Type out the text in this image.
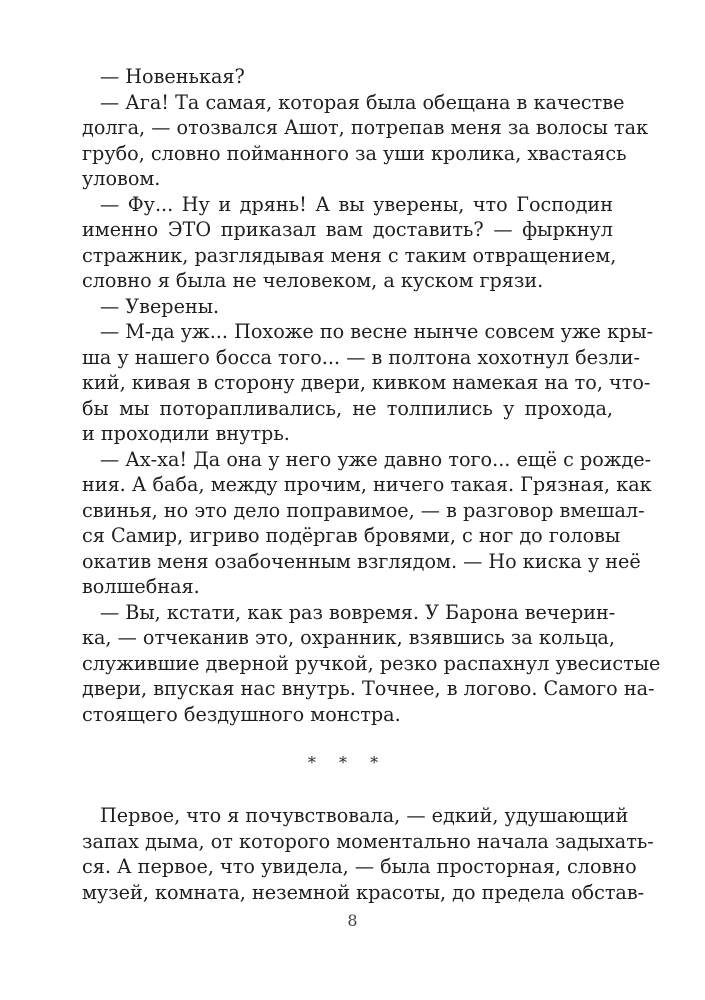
— Новенькая?
— Ага! Та самая, которая была обещана в качестве
долга, — отозвался Ашот, потрепав меня за волосы так
грубо, словно пойманного за уши кролика, хвастаясь
уловом.
— Фу... Ну и дрянь! А вы уверены, что Господин
именно ЭТО приказал вам доставить? — фыркнул
стражник, разглядывая меня с таким отвращением,
словно я была не человеком, а куском грязи.
— Уверены.
— М-да уж... Похоже по весне нынче совсем уже кры-
ша у нашего босса того... — в полтона хохотнул безли-
кий, кивая в сторону двери, кивком намекая на то, что-
бы мы поторапливались, не толпились у прохода,
и проходили внутрь.
— Ах-ха! Да она у него уже давно того... ещё с рожде-
ния. А баба, между прочим, ничего такая. Грязная, как
свинья, но это дело поправимое, — в разговор вмешал-
ся Самир, игриво подёргав бровями, с ног до головы
окатив меня озабоченным взглядом. — Но киска у неё
волшебная.
— Вы, кстати, как раз вовремя. У Барона вечерин-
ка, — отчеканив это, охранник, взявшись за кольца,
служившие дверной ручкой, резко распахнул увесистые
двери, впуская нас внутрь. Точнее, в логово. Самого на-
стоящего бездушного монстра.
* * *
Первое, что я почувствовала, — едкий, удушающий
запах дыма, от которого моментально начала задыхать-
ся. А первое, что увидела, — была просторная, словно
музей, комната, неземной красоты, до предела обстав-
8
